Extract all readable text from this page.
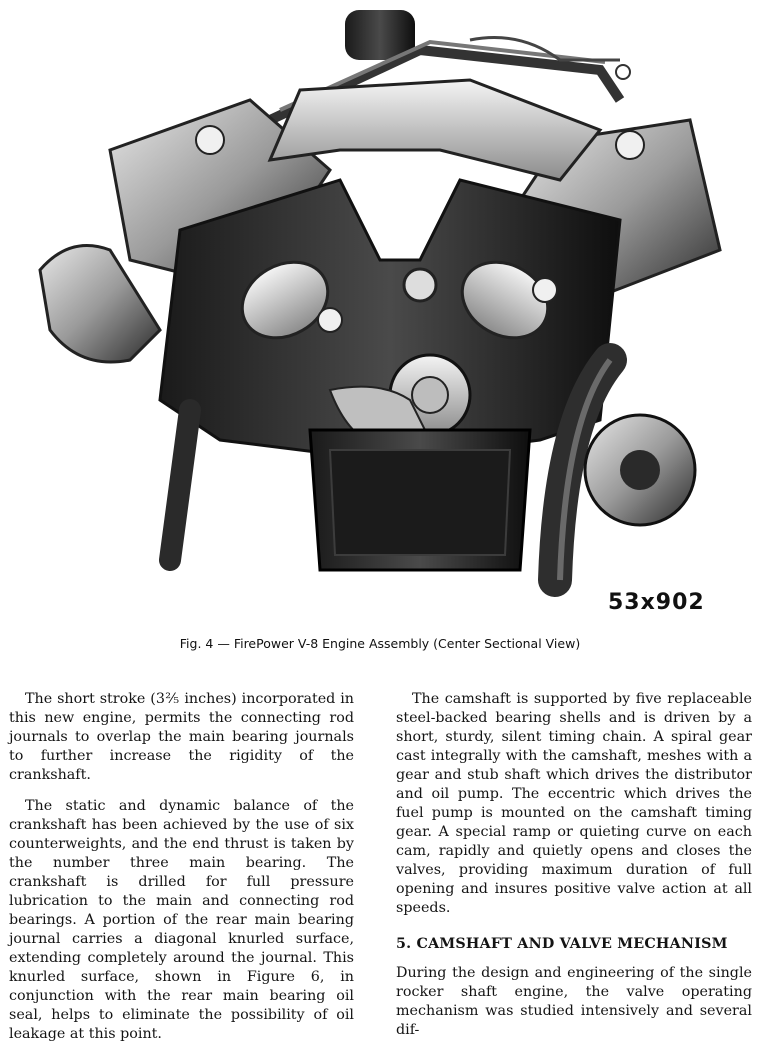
53x902
Fig. 4 — FirePower V-8 Engine Assembly (Center Sectional View)

The short stroke (3⅖ inches) incorporated in this new engine, permits the connecting rod journals to overlap the main bearing journals to further increase the rigidity of the crankshaft.

The static and dynamic balance of the crankshaft has been achieved by the use of six counterweights, and the end thrust is taken by the number three main bearing. The crankshaft is drilled for full pressure lubrication to the main and connecting rod bearings. A portion of the rear main bearing journal carries a diagonal knurled surface, extending completely around the journal. This knurled surface, shown in Figure 6, in conjunction with the rear main bearing oil seal, helps to eliminate the possibility of oil leakage at this point.

The camshaft is supported by five replaceable steel-backed bearing shells and is driven by a short, sturdy, silent timing chain. A spiral gear cast integrally with the camshaft, meshes with a gear and stub shaft which drives the distributor and oil pump. The eccentric which drives the fuel pump is mounted on the camshaft timing gear. A special ramp or quieting curve on each cam, rapidly and quietly opens and closes the valves, providing maximum duration of full opening and insures positive valve action at all speeds.

5. CAMSHAFT AND VALVE MECHANISM

During the design and engineering of the single rocker shaft engine, the valve operating mechanism was studied intensively and several dif-
